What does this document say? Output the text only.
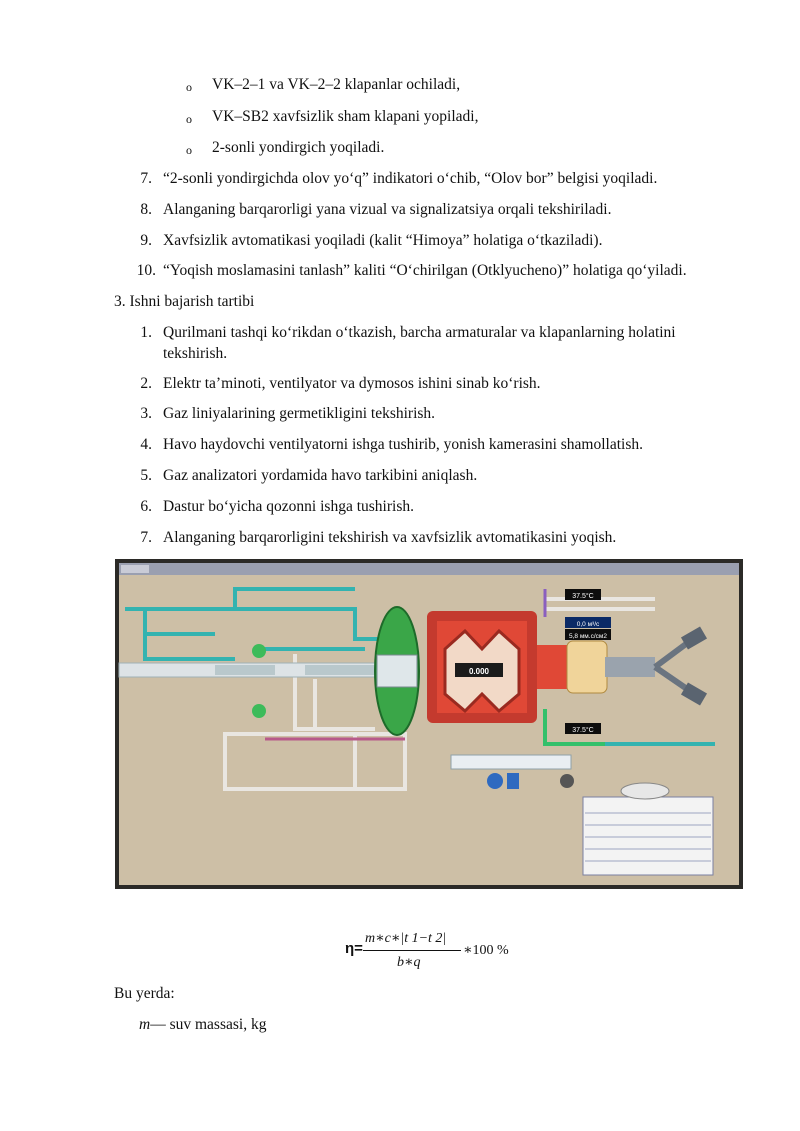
o VK–2–1 va VK–2–2 klapanlar ochiladi,
o VK–SB2 xavfsizlik sham klapani yopiladi,
o 2-sonli yondirgich yoqiladi.
7. “2-sonli yondirgichda olov yo‘q” indikatori o‘chib, “Olov bor” belgisi yoqiladi.
8. Alanganing barqarorligi yana vizual va signalizatsiya orqali tekshiriladi.
9. Xavfsizlik avtomatikasi yoqiladi (kalit “Himoya” holatiga o‘tkaziladi).
10. “Yoqish moslamasini tanlash” kaliti “O‘chirilgan (Otklyucheno)” holatiga qo‘yiladi.
3. Ishni bajarish tartibi
1. Qurilmani tashqi ko‘rikdan o‘tkazish, barcha armaturalar va klapanlarning holatini
tekshirish.
2. Elektr ta’minoti, ventilyator va dymosos ishini sinab ko‘rish.
3. Gaz liniyalarining germetikligini tekshirish.
4. Havo haydovchi ventilyatorni ishga tushirib, yonish kamerasini shamollatish.
5. Gaz analizatori yordamida havo tarkibini aniqlash.
6. Dastur bo‘yicha qozonni ishga tushirish.
7. Alanganing barqarorligini tekshirish va xavfsizlik avtomatikasini yoqish.
0.000
37.5°C
0,0 м³/с
5,8 мм.с/см2
37.5°C
η=
m∗c∗|t 1−t 2|
b∗q
∗100 %
Bu yerda:
m— suv massasi, kg
